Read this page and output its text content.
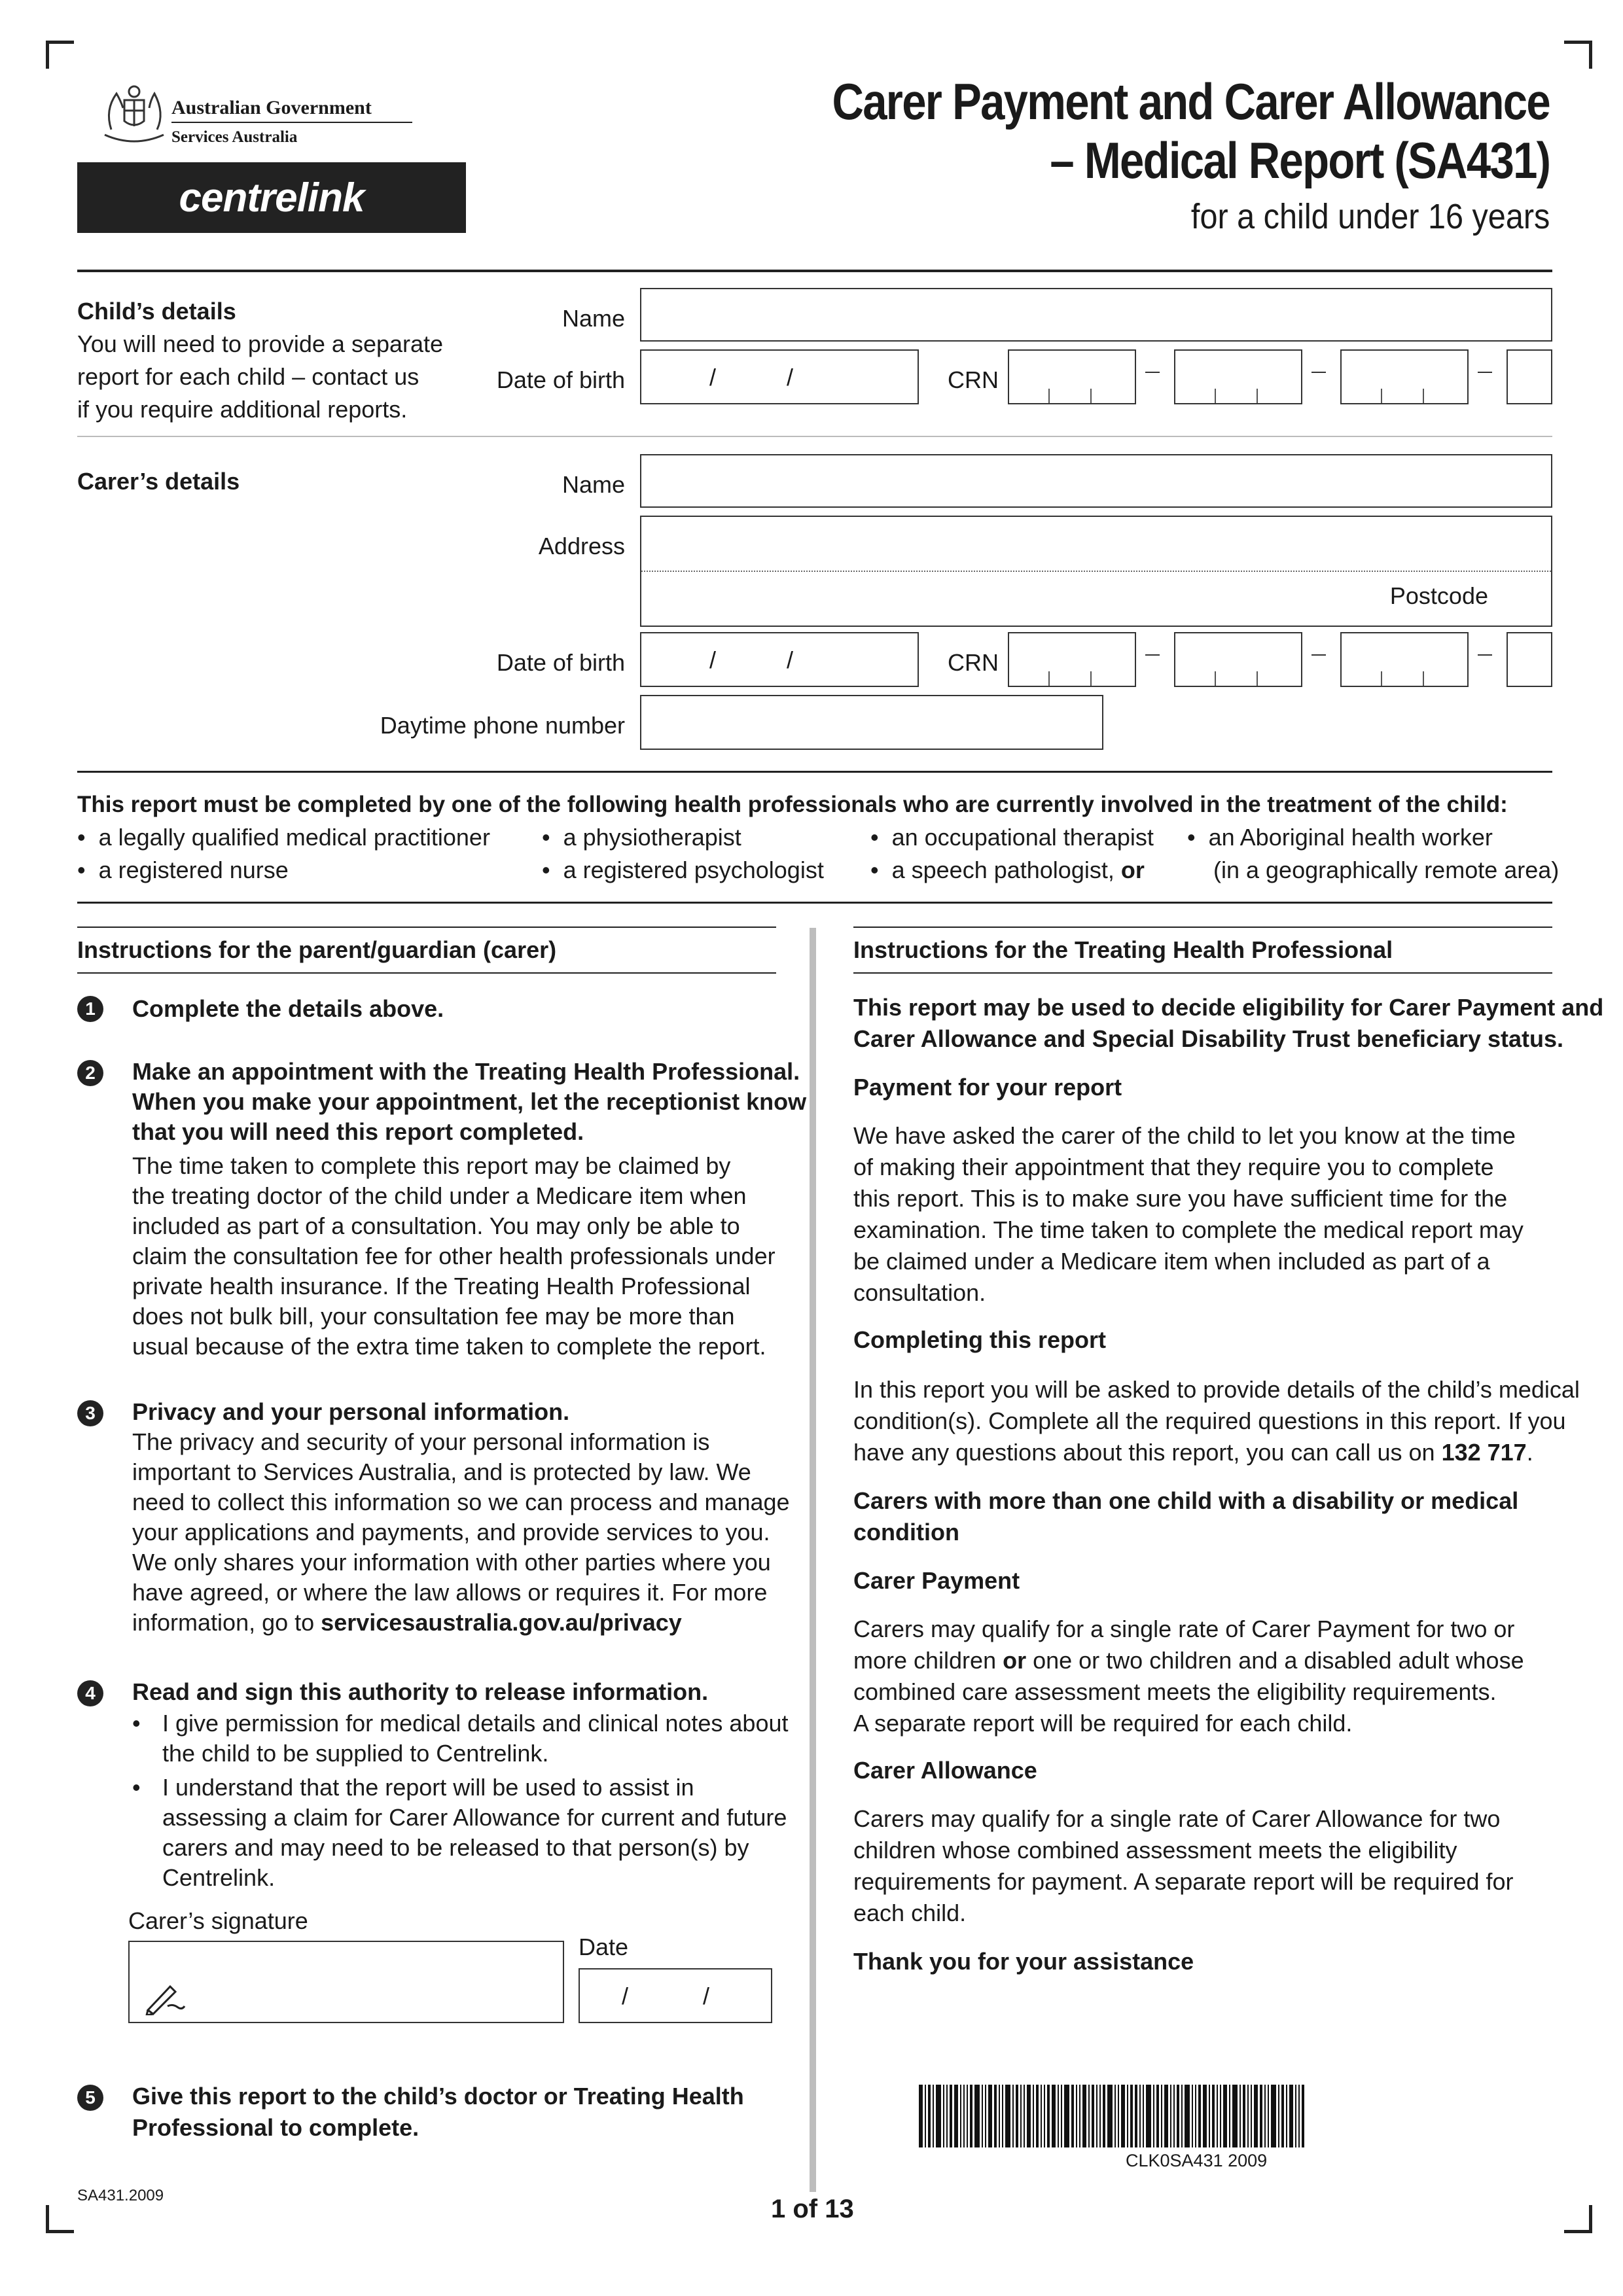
Australian Government
Services Australia
centrelink
Carer Payment and Carer Allowance
– Medical Report (SA431)
for a child under 16 years
Child’s details
You will need to provide a separate
report for each child – contact us
if you require additional reports.
Name
Date of birth	/	/	CRN
Carer’s details	Name
Address
Postcode
Date of birth	/	/	CRN
Daytime phone number
This report must be completed by one of the following health professionals who are currently involved in the treatment of the child:
•  a legally qualified medical practitioner
•  a registered nurse
•  a physiotherapist
•  a registered psychologist
•  an occupational therapist
•  a speech pathologist, or
•  an Aboriginal health worker
(in a geographically remote area)
Instructions for the parent/guardian (carer)
1	Complete the details above.
2	Make an appointment with the Treating Health Professional.
When you make your appointment, let the receptionist know
that you will need this report completed.
The time taken to complete this report may be claimed by
the treating doctor of the child under a Medicare item when
included as part of a consultation. You may only be able to
claim the consultation fee for other health professionals under
private health insurance. If the Treating Health Professional
does not bulk bill, your consultation fee may be more than
usual because of the extra time taken to complete the report.
3	Privacy and your personal information.
The privacy and security of your personal information is
important to Services Australia, and is protected by law. We
need to collect this information so we can process and manage
your applications and payments, and provide services to you.
We only shares your information with other parties where you
have agreed, or where the law allows or requires it. For more
information, go to servicesaustralia.gov.au/privacy
4	Read and sign this authority to release information.
• I give permission for medical details and clinical notes about
the child to be supplied to Centrelink.
• I understand that the report will be used to assist in
assessing a claim for Carer Allowance for current and future
carers and may need to be released to that person(s) by
Centrelink.
Carer’s signature
Date
/	/
5	Give this report to the child’s doctor or Treating Health
Professional to complete.
Instructions for the Treating Health Professional
This report may be used to decide eligibility for Carer Payment and
Carer Allowance and Special Disability Trust beneficiary status.
Payment for your report
We have asked the carer of the child to let you know at the time
of making their appointment that they require you to complete
this report. This is to make sure you have sufficient time for the
examination. The time taken to complete the medical report may
be claimed under a Medicare item when included as part of a
consultation.
Completing this report
In this report you will be asked to provide details of the child’s medical
condition(s). Complete all the required questions in this report. If you
have any questions about this report, you can call us on 132 717.
Carers with more than one child with a disability or medical
condition
Carer Payment
Carers may qualify for a single rate of Carer Payment for two or
more children or one or two children and a disabled adult whose
combined care assessment meets the eligibility requirements.
A separate report will be required for each child.
Carer Allowance
Carers may qualify for a single rate of Carer Allowance for two
children whose combined assessment meets the eligibility
requirements for payment. A separate report will be required for
each child.
Thank you for your assistance
CLK0SA431 2009
SA431.2009	1 of 13
